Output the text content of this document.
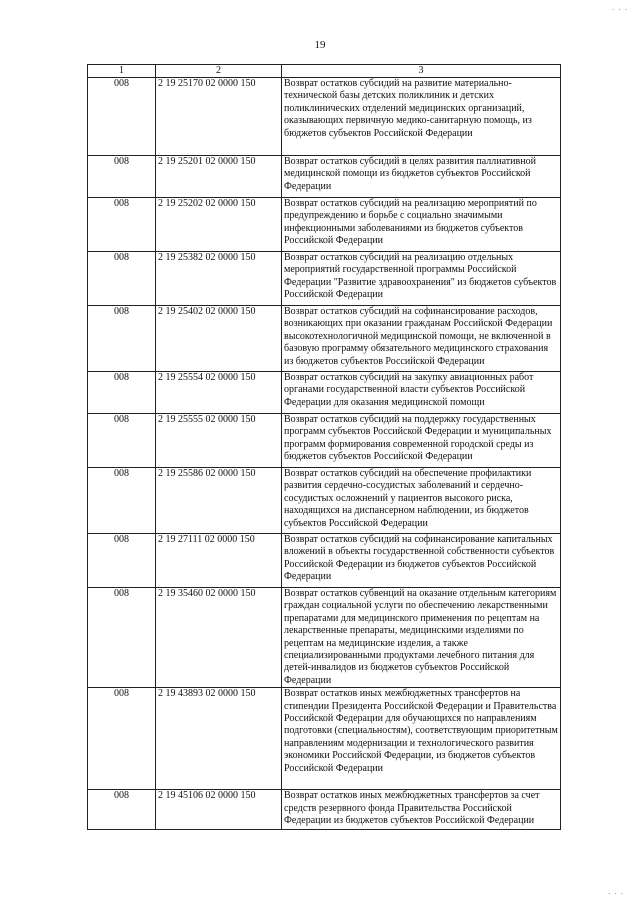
. . .
19
1	2	3
008	2 19 25170 02 0000 150	Возврат остатков субсидий на развитие материально-технической базы детских поликлиник и детских поликлинических отделений медицинских организаций, оказывающих первичную медико-санитарную помощь, из бюджетов субъектов Российской Федерации
008	2 19 25201 02 0000 150	Возврат остатков субсидий в целях развития паллиативной медицинской помощи из бюджетов субъектов Российской Федерации
008	2 19 25202 02 0000 150	Возврат остатков субсидий на реализацию мероприятий по предупреждению и борьбе с социально значимыми инфекционными заболеваниями из бюджетов субъектов Российской Федерации
008	2 19 25382 02 0000 150	Возврат остатков субсидий на реализацию отдельных мероприятий государственной программы Российской Федерации "Развитие здравоохранения" из бюджетов субъектов Российской Федерации
008	2 19 25402 02 0000 150	Возврат остатков субсидий на софинансирование расходов, возникающих при оказании гражданам Российской Федерации высокотехнологичной медицинской помощи, не включенной в базовую программу обязательного медицинского страхования из бюджетов субъектов Российской Федерации
008	2 19 25554 02 0000 150	Возврат остатков субсидий на закупку авиационных работ органами государственной власти субъектов Российской Федерации для оказания медицинской помощи
008	2 19 25555 02 0000 150	Возврат остатков субсидий на поддержку государственных программ субъектов Российской Федерации и муниципальных программ формирования современной городской среды из бюджетов субъектов Российской Федерации
008	2 19 25586 02 0000 150	Возврат остатков субсидий на обеспечение профилактики развития сердечно-сосудистых заболеваний и сердечно-сосудистых осложнений у пациентов высокого риска, находящихся на диспансерном наблюдении, из бюджетов субъектов Российской Федерации
008	2 19 27111 02 0000 150	Возврат остатков субсидий на софинансирование капитальных вложений в объекты государственной собственности субъектов Российской Федерации из бюджетов субъектов Российской Федерации
008	2 19 35460 02 0000 150	Возврат остатков субвенций на оказание отдельным категориям граждан социальной услуги по обеспечению лекарственными препаратами для медицинского применения по рецептам на лекарственные препараты, медицинскими изделиями по рецептам на медицинские изделия, а также специализированными продуктами лечебного питания для детей-инвалидов из бюджетов субъектов Российской Федерации
008	2 19 43893 02 0000 150	Возврат остатков иных межбюджетных трансфертов на стипендии Президента Российской Федерации и Правительства Российской Федерации для обучающихся по направлениям подготовки (специальностям), соответствующим приоритетным направлениям модернизации и технологического развития экономики Российской Федерации, из бюджетов субъектов Российской Федерации
008	2 19 45106 02 0000 150	Возврат остатков иных межбюджетных трансфертов за счет средств резервного фонда Правительства Российской Федерации из бюджетов субъектов Российской Федерации
. . .
